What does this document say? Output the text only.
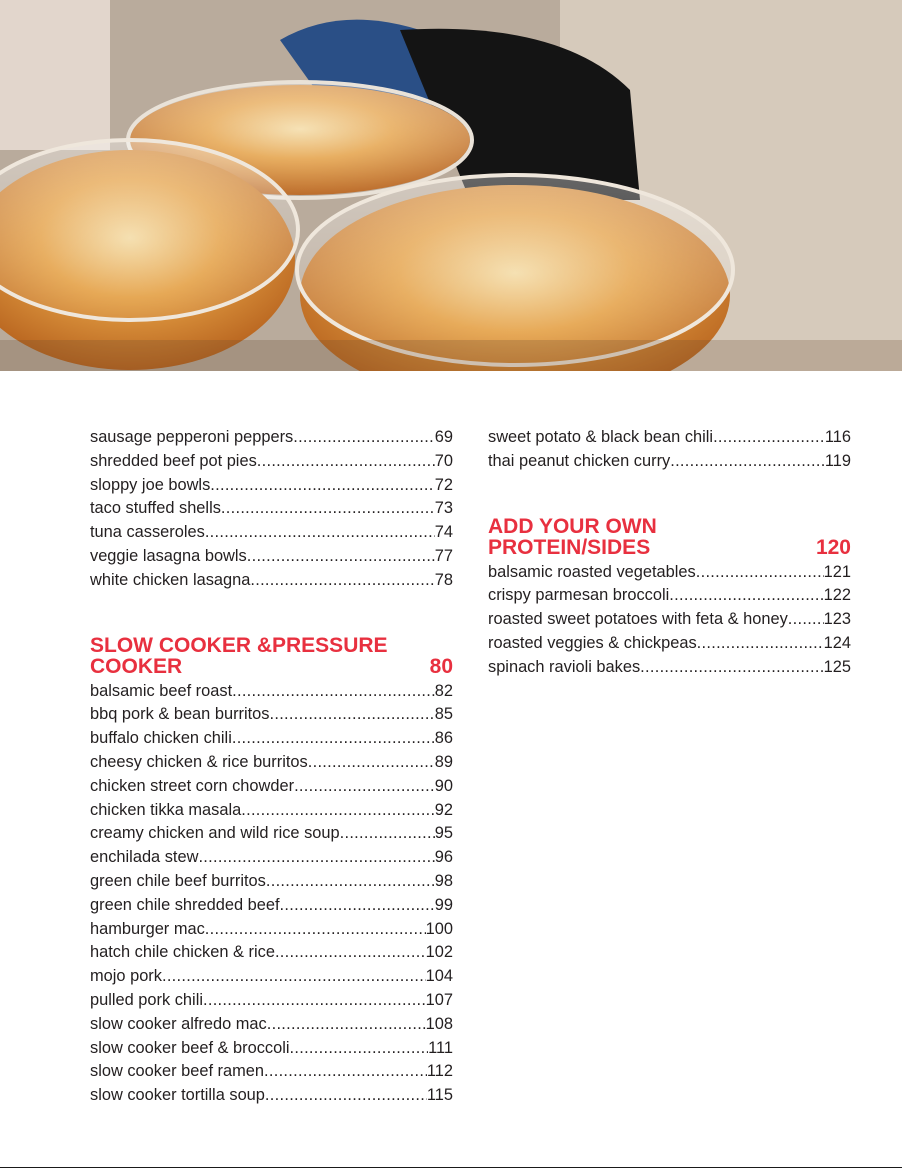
sausage pepperoni peppers .....	69
shredded beef pot pies .....	70
sloppy joe bowls .....	72
taco stuffed shells .....	73
tuna casseroles .....	74
veggie lasagna bowls .....	77
white chicken lasagna .....	78
SLOW COOKER &PRESSURE
COOKER	80
balsamic beef roast .....	82
bbq pork & bean burritos .....	85
buffalo chicken chili .....	86
cheesy chicken & rice burritos .....	89
chicken street corn chowder .....	90
chicken tikka masala .....	92
creamy chicken and wild rice soup .....	95
enchilada stew .....	96
green chile beef burritos .....	98
green chile shredded beef .....	99
hamburger mac .....	100
hatch chile chicken & rice .....	102
mojo pork .....	104
pulled pork chili .....	107
slow cooker alfredo mac .....	108
slow cooker beef & broccoli .....	111
slow cooker beef ramen .....	112
slow cooker tortilla soup .....	115
sweet potato & black bean chili .....	116
thai peanut chicken curry .....	119
ADD YOUR OWN
PROTEIN/SIDES	120
balsamic roasted vegetables .....	121
crispy parmesan broccoli .....	122
roasted sweet potatoes with feta & honey ..... 123
roasted veggies & chickpeas .....	124
spinach ravioli bakes .....	125
